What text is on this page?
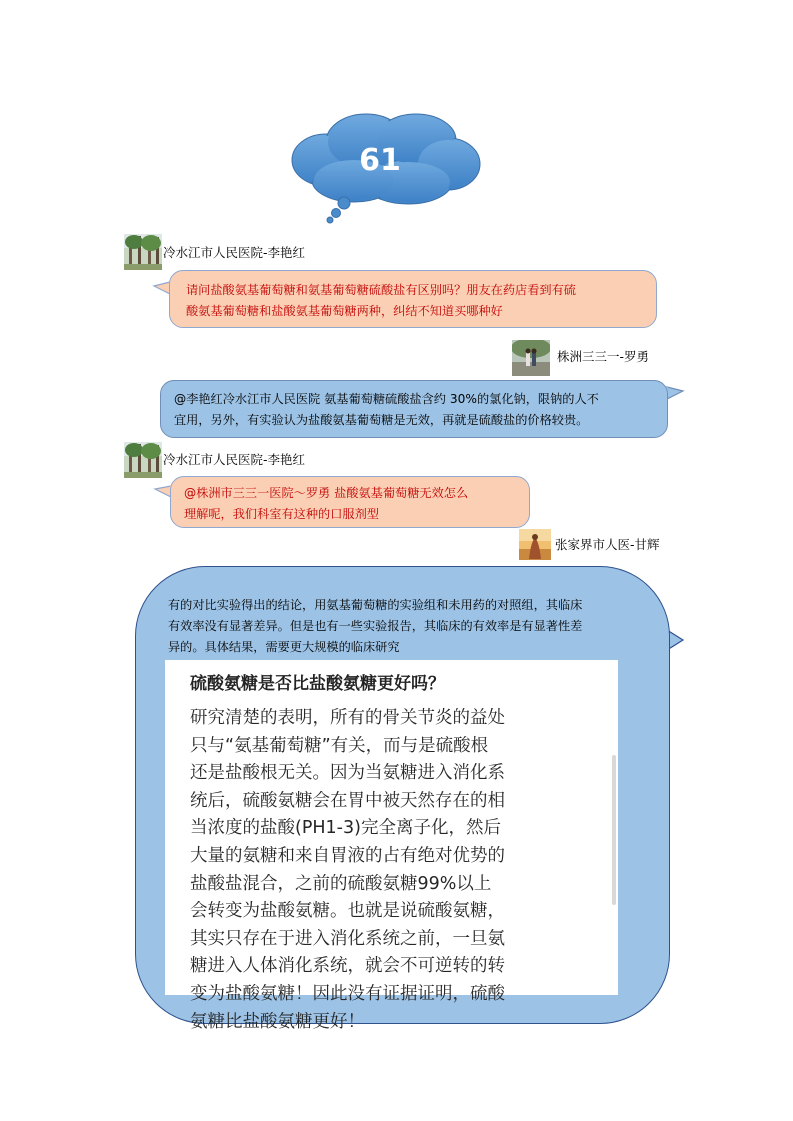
61
冷水江市人民医院-李艳红
请问盐酸氨基葡萄糖和氨基葡萄糖硫酸盐有区别吗？朋友在药店看到有硫
酸氨基葡萄糖和盐酸氨基葡萄糖两种，纠结不知道买哪种好
株洲三三一-罗勇
@李艳红冷水江市人民医院 氨基葡萄糖硫酸盐含约 30%的氯化钠，限钠的人不
宜用，另外，有实验认为盐酸氨基葡萄糖是无效，再就是硫酸盐的价格较贵。
冷水江市人民医院-李艳红
@株洲市三三一医院～罗勇 盐酸氨基葡萄糖无效怎么
理解呢，我们科室有这种的口服剂型
张家界市人医-甘辉
有的对比实验得出的结论，用氨基葡萄糖的实验组和未用药的对照组，其临床
有效率没有显著差异。但是也有一些实验报告，其临床的有效率是有显著性差
异的。具体结果，需要更大规模的临床研究
硫酸氨糖是否比盐酸氨糖更好吗？
研究清楚的表明，所有的骨关节炎的益处
只与“氨基葡萄糖”有关，而与是硫酸根
还是盐酸根无关。因为当氨糖进入消化系
统后，硫酸氨糖会在胃中被天然存在的相
当浓度的盐酸(PH1-3)完全离子化，然后
大量的氨糖和来自胃液的占有绝对优势的
盐酸盐混合，之前的硫酸氨糖99%以上
会转变为盐酸氨糖。也就是说硫酸氨糖，
其实只存在于进入消化系统之前，一旦氨
糖进入人体消化系统，就会不可逆转的转
变为盐酸氨糖！因此没有证据证明，硫酸
氨糖比盐酸氨糖更好！
